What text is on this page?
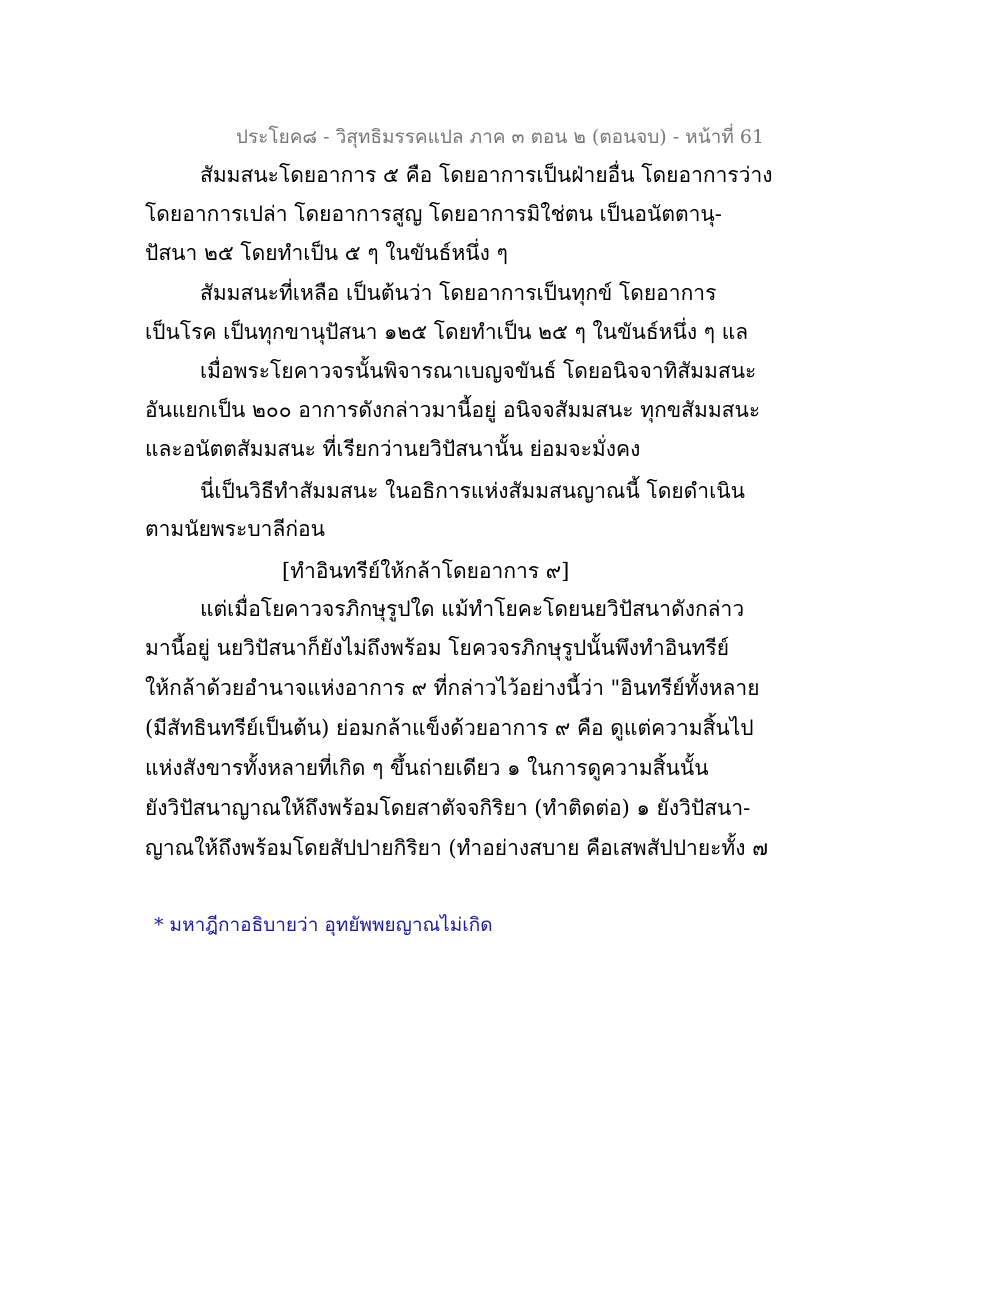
ประโยค๘ - วิสุทธิมรรคแปล ภาค ๓ ตอน ๒ (ตอนจบ) - หน้าที่ 61
สัมมสนะโดยอาการ ๕ คือ โดยอาการเป็นฝ่ายอื่น โดยอาการว่าง
โดยอาการเปล่า โดยอาการสูญ โดยอาการมิใช่ตน เป็นอนัตตานุ-
ปัสนา ๒๕ โดยทำเป็น ๕ ๆ ในขันธ์หนึ่ง ๆ
สัมมสนะที่เหลือ เป็นต้นว่า โดยอาการเป็นทุกข์ โดยอาการ
เป็นโรค เป็นทุกขานุปัสนา ๑๒๕ โดยทำเป็น ๒๕ ๆ ในขันธ์หนึ่ง ๆ แล
เมื่อพระโยคาวจรนั้นพิจารณาเบญจขันธ์ โดยอนิจจาทิสัมมสนะ
อันแยกเป็น ๒๐๐ อาการดังกล่าวมานี้อยู่ อนิจจสัมมสนะ ทุกขสัมมสนะ
และอนัตตสัมมสนะ ที่เรียกว่านยวิปัสนานั้น ย่อมจะมั่งคง
นี่เป็นวิธีทำสัมมสนะ ในอธิการแห่งสัมมสนญาณนี้ โดยดำเนิน
ตามนัยพระบาลีก่อน
[ทำอินทรีย์ให้กล้าโดยอาการ ๙]
แต่เมื่อโยคาวจรภิกษุรูปใด แม้ทำโยคะโดยนยวิปัสนาดังกล่าว
มานี้อยู่ นยวิปัสนาก็ยังไม่ถึงพร้อม โยควจรภิกษุรูปนั้นพึงทำอินทรีย์
ให้กล้าด้วยอำนาจแห่งอาการ ๙ ที่กล่าวไว้อย่างนี้ว่า "อินทรีย์ทั้งหลาย
(มีสัทธินทรีย์เป็นต้น) ย่อมกล้าแข็งด้วยอาการ ๙ คือ ดูแต่ความสิ้นไป
แห่งสังขารทั้งหลายที่เกิด ๆ ขึ้นถ่ายเดียว ๑ ในการดูความสิ้นนั้น
ยังวิปัสนาญาณให้ถึงพร้อมโดยสาตัจจกิริยา (ทำติดต่อ) ๑ ยังวิปัสนา-
ญาณให้ถึงพร้อมโดยสัปปายกิริยา (ทำอย่างสบาย คือเสพสัปปายะทั้ง ๗
* มหาฎีกาอธิบายว่า อุทยัพพยญาณไม่เกิด
